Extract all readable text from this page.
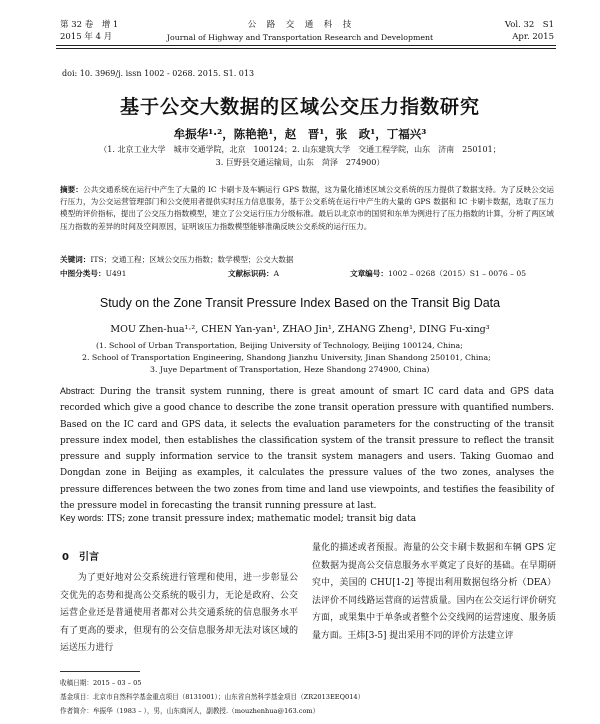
第 32 卷　增 1
2015 年 4 月
公　路　交　通　科　技
Journal of Highway and Transportation Research and Development
Vol. 32　S1
Apr. 2015
doi: 10. 3969/j. issn 1002 - 0268. 2015. S1. 013
基于公交大数据的区域公交压力指数研究
牟振华¹·²，陈艳艳¹，赵　晋¹，张　政¹，丁福兴³
（1. 北京工业大学　城市交通学院，北京　100124；2. 山东建筑大学　交通工程学院，山东　济南　250101；
3. 巨野县交通运输局，山东　菏泽　274900）
摘要：公共交通系统在运行中产生了大量的 IC 卡刷卡及车辆运行 GPS 数据，这为量化描述区域公交系统的压力提供了数据支持。为了反映公交运行压力，为公交运营管理部门和公交使用者提供实时压力信息服务，基于公交系统在运行中产生的大量的 GPS 数据和 IC 卡刷卡数据，选取了压力模型的评价指标，提出了公交压力指数模型，建立了公交运行压力分级标准。最后以北京市的国贸和东单为例进行了压力指数的计算，分析了两区域压力指数的差异的时间及空间原因，证明该压力指数模型能够准确反映公交系统的运行压力。
关键词：ITS；交通工程；区域公交压力指数；数学模型；公交大数据
中图分类号：U491	文献标识码：A	文章编号：1002 – 0268（2015）S1 – 0076 – 05
Study on the Zone Transit Pressure Index Based on the Transit Big Data
MOU Zhen-hua¹·², CHEN Yan-yan¹, ZHAO Jin¹, ZHANG Zheng¹, DING Fu-xing³
(1. School of Urban Transportation, Beijing University of Technology, Beijing 100124, China;
2. School of Transportation Engineering, Shandong Jianzhu University, Jinan Shandong 250101, China;
3. Juye Department of Transportation, Heze Shandong 274900, China)
Abstract: During the transit system running, there is great amount of smart IC card data and GPS data recorded which give a good chance to describe the zone transit operation pressure with quantified numbers. Based on the IC card and GPS data, it selects the evaluation parameters for the constructing of the transit pressure index model, then establishes the classification system of the transit pressure to reflect the transit pressure and supply information service to the transit system managers and users. Taking Guomao and Dongdan zone in Beijing as examples, it calculates the pressure values of the two zones, analyses the pressure differences between the two zones from time and land use viewpoints, and testifies the feasibility of the pressure model in forecasting the transit running pressure at last.
Key words: ITS; zone transit pressure index; mathematic model; transit big data
0　引言
为了更好地对公交系统进行管理和使用，进一步彰显公交优先的态势和提高公交系统的吸引力，无论是政府、公交运营企业还是普通使用者都对公共交通系统的信息服务水平有了更高的要求，但现有的公交信息服务却无法对该区域的运送压力进行
量化的描述或者预报。海量的公交卡刷卡数据和车辆 GPS 定位数据为提高公交信息服务水平奠定了良好的基础。在早期研究中，美国的 CHU[1-2] 等提出利用数据包络分析（DEA）法评价不同线路运营商的运营质量。国内在公交运行评价研究方面，或果集中于单条或者整个公交线网的运营速度、服务质量方面。王炜[3-5] 提出采用不同的评价方法建立评
收稿日期：2015 – 03 – 05
基金项目：北京市自然科学基金重点项目（8131001）；山东省自然科学基金项目（ZR2013EEQ014）
作者简介：牟振华（1983 – ），男，山东商河人，副教授.（mouzhenhua@163.com）
